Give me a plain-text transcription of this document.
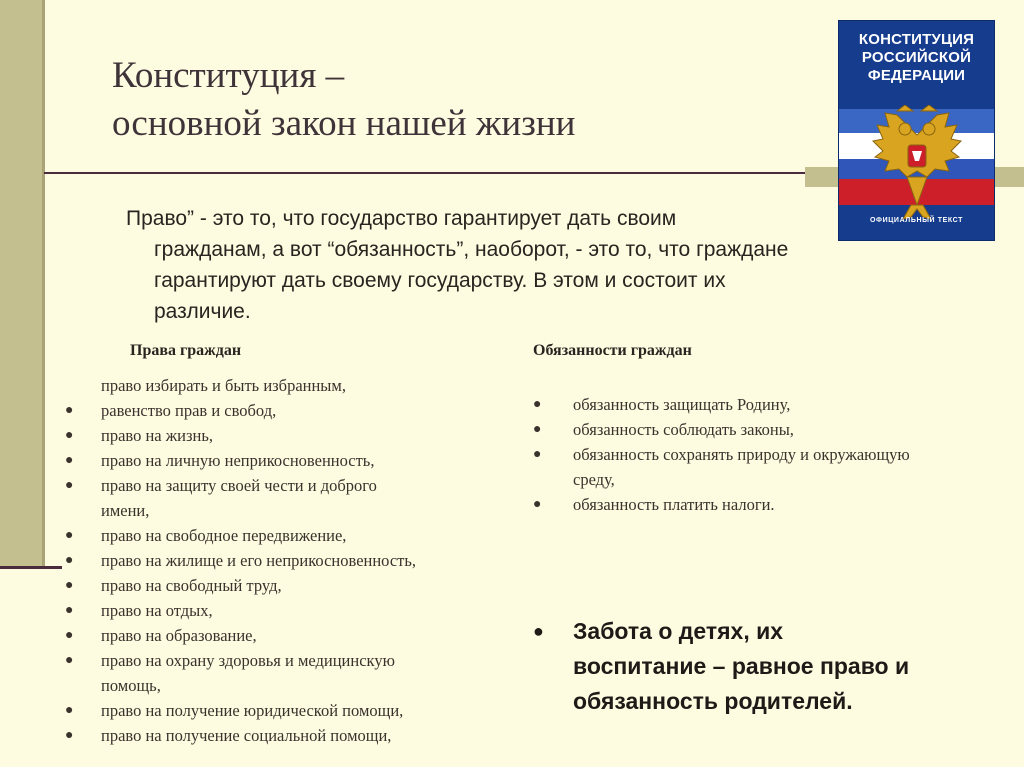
Конституция –
основной закон нашей жизни
КОНСТИТУЦИЯ
РОССИЙСКОЙ
ФЕДЕРАЦИИ
ОФИЦИАЛЬНЫЙ ТЕКСТ
Право” - это то, что государство гарантирует дать своим
гражданам, а вот “обязанность”, наоборот, - это то, что граждане
гарантируют дать своему государству. В этом и состоит их
различие.
Права граждан	Обязанности граждан
право избирать и быть избранным,
● равенство прав и свобод,
● право на жизнь,
● право на личную неприкосновенность,
● право на защиту своей чести и доброго
имени,
● право на свободное передвижение,
● право на жилище и его неприкосновенность,
● право на свободный труд,
● право на отдых,
● право на образование,
● право на охрану здоровья и медицинскую
помощь,
● право на получение юридической помощи,
● право на получение социальной помощи,
● обязанность защищать Родину,
● обязанность соблюдать законы,
● обязанность сохранять природу и окружающую
среду,
● обязанность платить налоги.
● Забота о детях, их
воспитание – равное право и
обязанность родителей.
